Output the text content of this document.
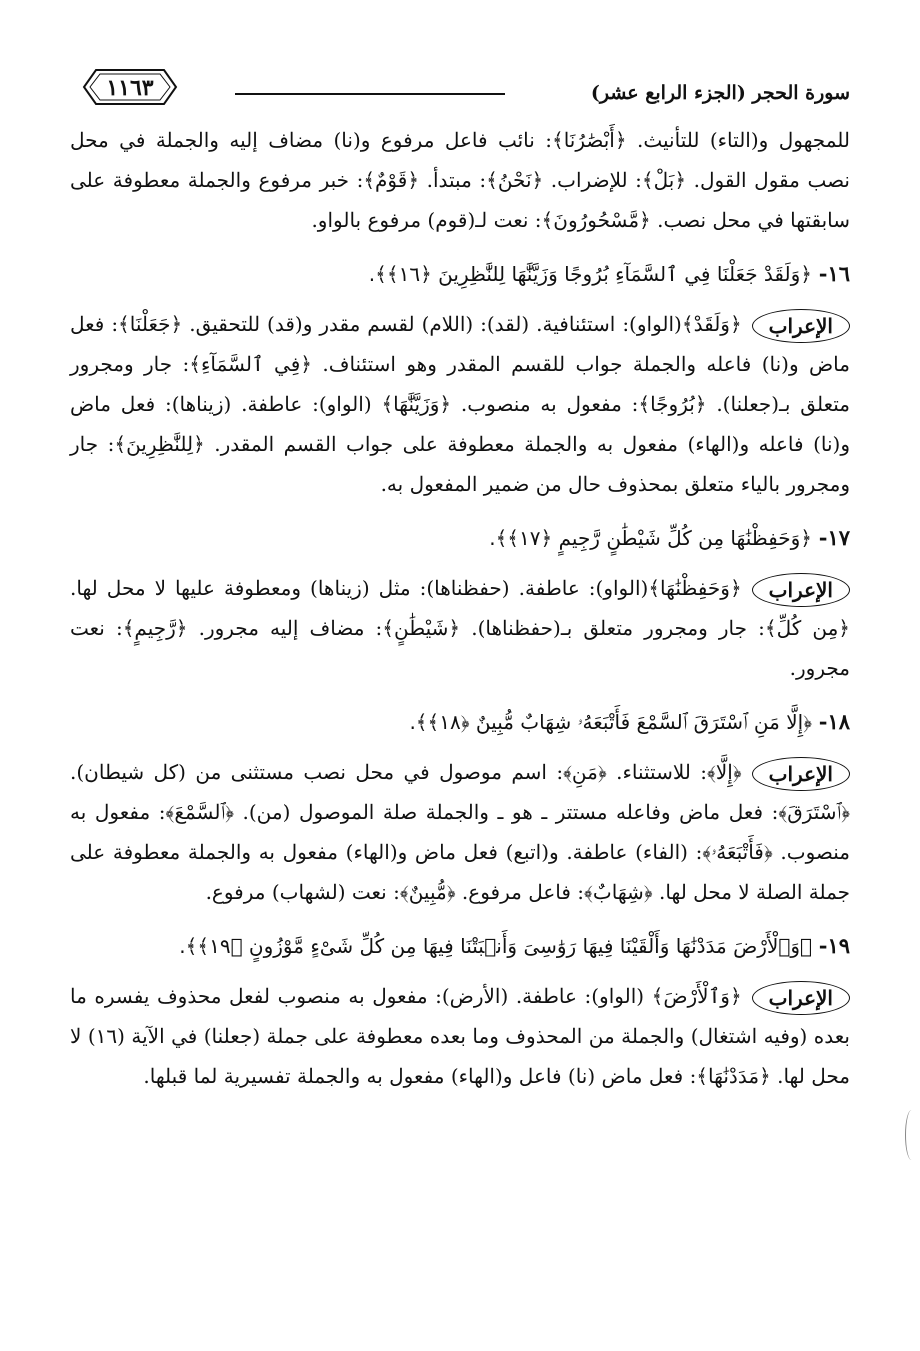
سورة الحجر (الجزء الرابع عشر)
١١٦٣

للمجهول و(التاء) للتأنيث. ﴿أَبْصَٰرُنَا﴾: نائب فاعل مرفوع و(نا) مضاف إليه والجملة في محل نصب مقول القول. ﴿بَلْ﴾: للإضراب. ﴿نَحْنُ﴾: مبتدأ. ﴿قَوْمٌ﴾: خبر مرفوع والجملة معطوفة على سابقتها في محل نصب. ﴿مَّسْحُورُونَ﴾: نعت لـ(قوم) مرفوع بالواو.

١٦- ﴿وَلَقَدْ جَعَلْنَا فِي ٱلسَّمَآءِ بُرُوجًا وَزَيَّنَّٰهَا لِلنَّٰظِرِينَ ﴿١٦﴾﴾.

الإعراب﴿وَلَقَدْ﴾(الواو): استئنافية. (لقد): (اللام) لقسم مقدر و(قد) للتحقيق. ﴿جَعَلْنَا﴾: فعل ماض و(نا) فاعله والجملة جواب للقسم المقدر وهو استئناف. ﴿فِي ٱلسَّمَآءِ﴾: جار ومجرور متعلق بـ(جعلنا). ﴿بُرُوجًا﴾: مفعول به منصوب. ﴿وَزَيَّنَّٰهَا﴾ (الواو): عاطفة. (زيناها): فعل ماض و(نا) فاعله و(الهاء) مفعول به والجملة معطوفة على جواب القسم المقدر. ﴿لِلنَّٰظِرِينَ﴾: جار ومجرور بالياء متعلق بمحذوف حال من ضمير المفعول به.

١٧- ﴿وَحَفِظْنَٰهَا مِن كُلِّ شَيْطَٰنٍ رَّجِيمٍ ﴿١٧﴾﴾.

الإعراب﴿وَحَفِظْنَٰهَا﴾(الواو): عاطفة. (حفظناها): مثل (زيناها) ومعطوفة عليها لا محل لها. ﴿مِن كُلِّ﴾: جار ومجرور متعلق بـ(حفظناها). ﴿شَيْطَٰنٍ﴾: مضاف إليه مجرور. ﴿رَّجِيمٍ﴾: نعت مجرور.

١٨- ﴿إِلَّا مَنِ ٱسْتَرَقَ ٱلسَّمْعَ فَأَتْبَعَهُۥ شِهَابٌ مُّبِينٌ ﴿١٨﴾﴾.

الإعراب﴿إِلَّا﴾: للاستثناء. ﴿مَنِ﴾: اسم موصول في محل نصب مستثنى من (كل شيطان). ﴿ٱسْتَرَقَ﴾: فعل ماض وفاعله مستتر ـ هو ـ والجملة صلة الموصول (من). ﴿ٱلسَّمْعَ﴾: مفعول به منصوب. ﴿فَأَتْبَعَهُۥ﴾: (الفاء) عاطفة. و(اتبع) فعل ماض و(الهاء) مفعول به والجملة معطوفة على جملة الصلة لا محل لها. ﴿شِهَابٌ﴾: فاعل مرفوع. ﴿مُّبِينٌ﴾: نعت (لشهاب) مرفوع.

١٩- ﴿وَٱلْأَرْضَ مَدَدْنَٰهَا وَأَلْقَيْنَا فِيهَا رَوَٰسِىَ وَأَنۢبَتْنَا فِيهَا مِن كُلِّ شَىْءٍ مَّوْزُونٍ ﴿١٩﴾﴾.

الإعراب﴿وَٱلْأَرْضَ﴾ (الواو): عاطفة. (الأرض): مفعول به منصوب لفعل محذوف يفسره ما بعده (وفيه اشتغال) والجملة من المحذوف وما بعده معطوفة على جملة (جعلنا) في الآية (١٦) لا محل لها. ﴿مَدَدْنَٰهَا﴾: فعل ماض (نا) فاعل و(الهاء) مفعول به والجملة تفسيرية لما قبلها.
